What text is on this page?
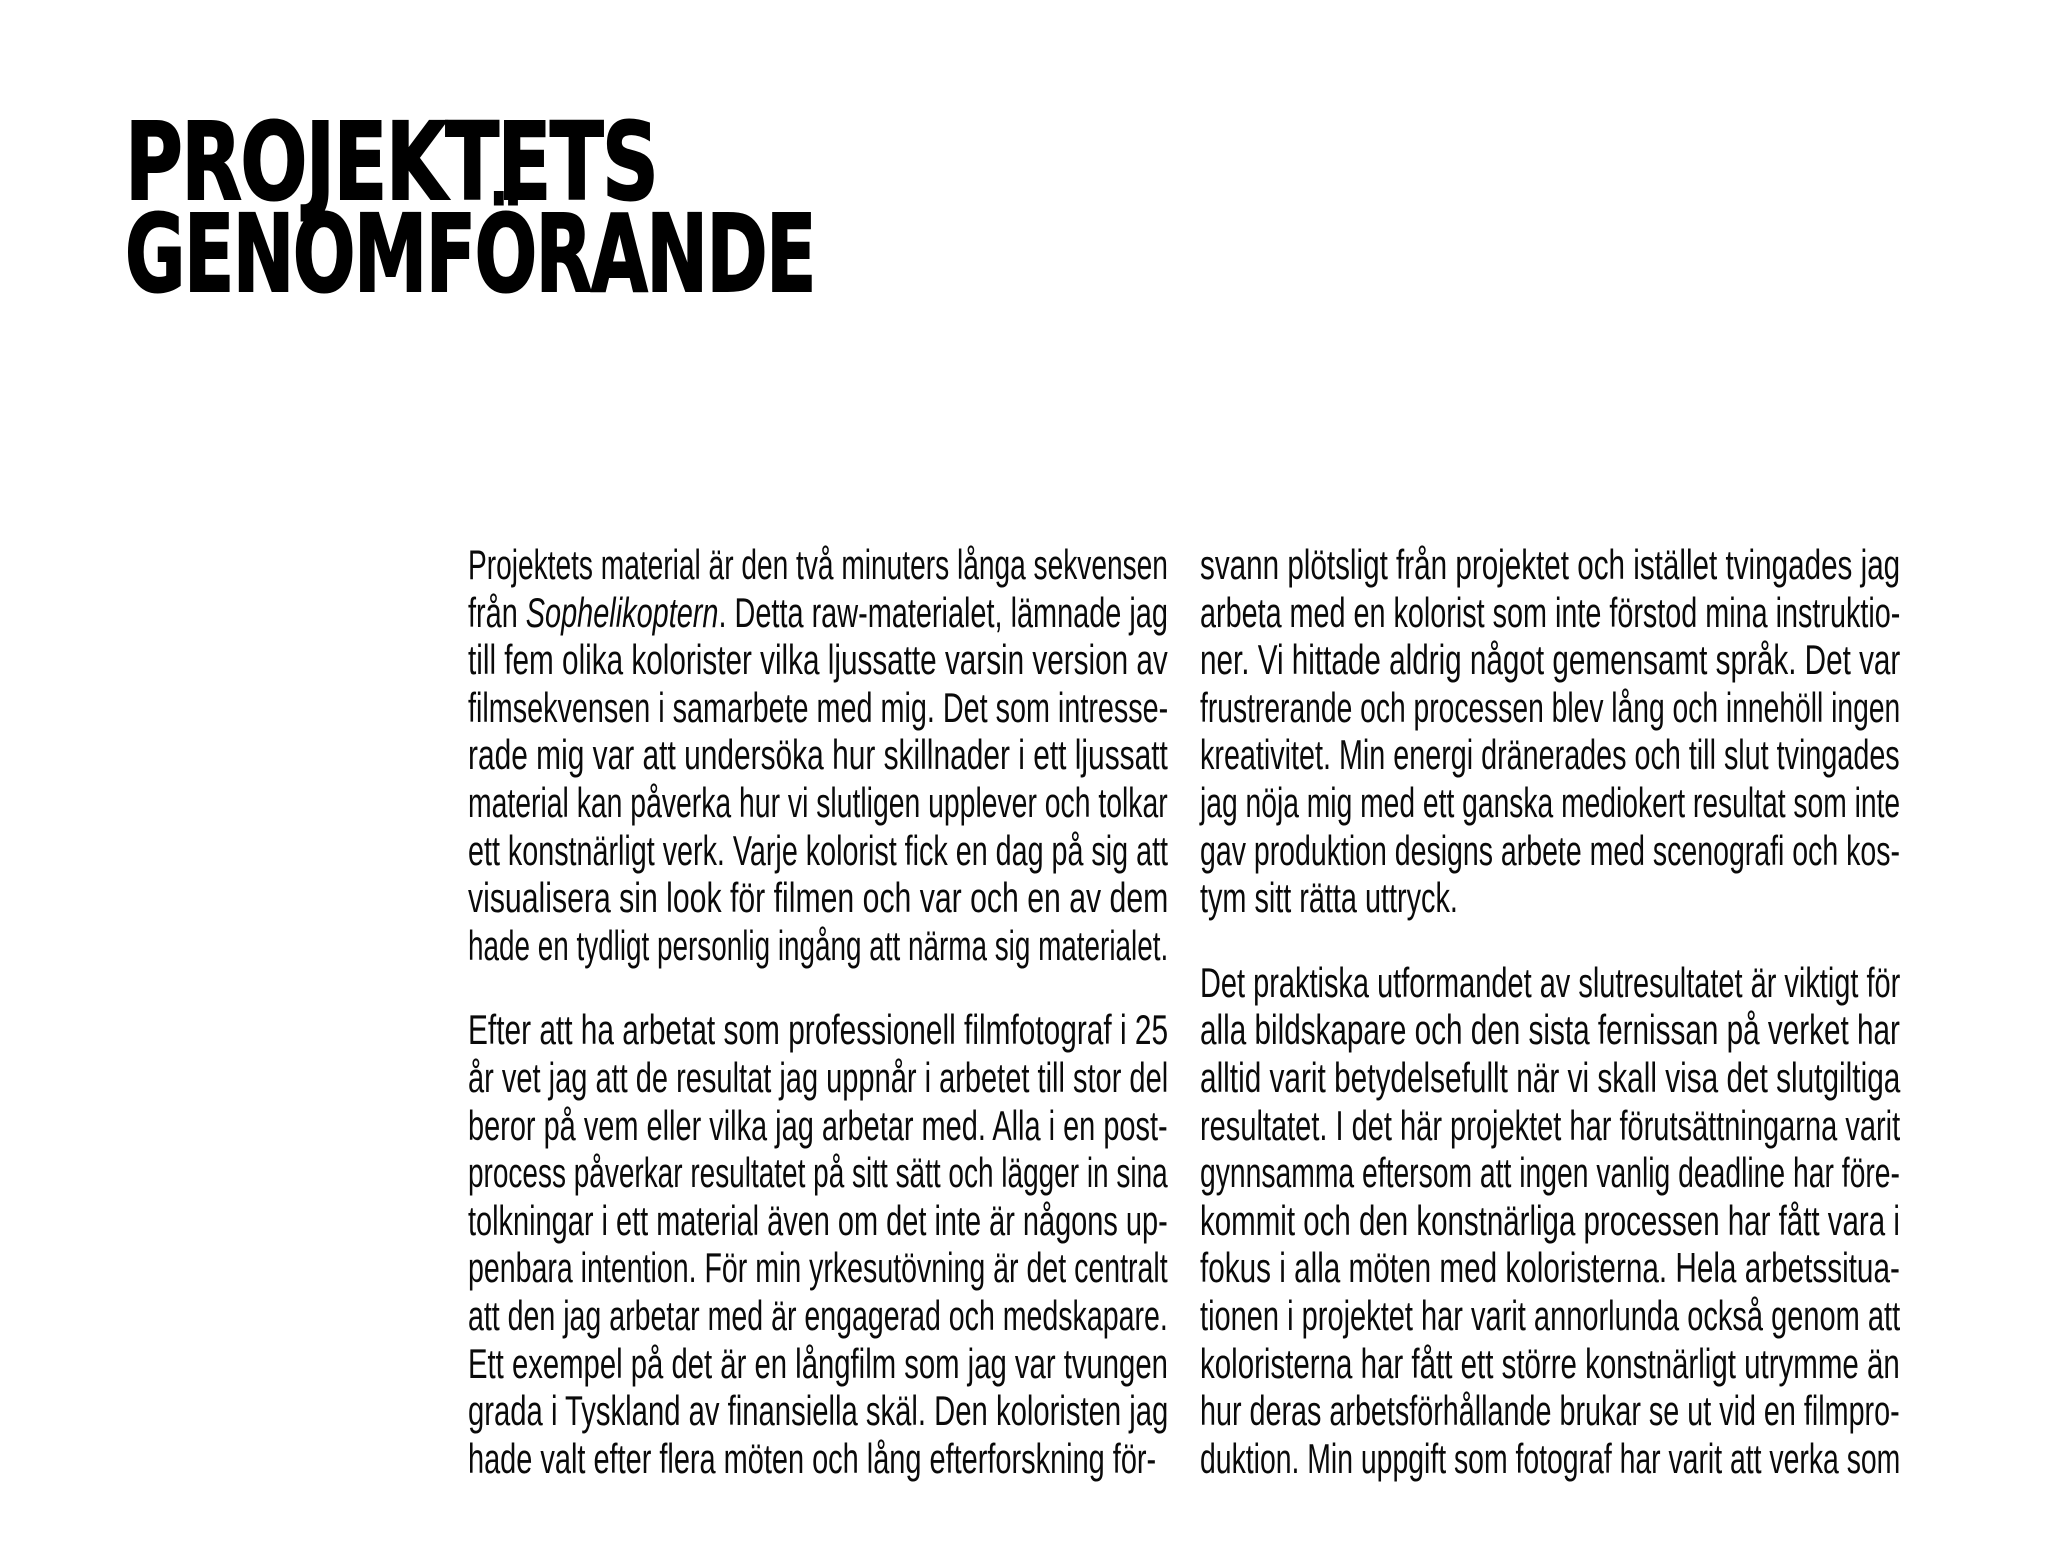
PROJEKTETS
GENOMFÖRANDE
Projektets material är den två minuters långa sekvensen
från Sophelikoptern. Detta raw-materialet, lämnade jag
till fem olika kolorister vilka ljussatte varsin version av
filmsekvensen i samarbete med mig. Det som intresse-
rade mig var att undersöka hur skillnader i ett ljussatt
material kan påverka hur vi slutligen upplever och tolkar
ett konstnärligt verk. Varje kolorist fick en dag på sig att
visualisera sin look för filmen och var och en av dem
hade en tydligt personlig ingång att närma sig materialet.
Efter att ha arbetat som professionell filmfotograf i 25
år vet jag att de resultat jag uppnår i arbetet till stor del
beror på vem eller vilka jag arbetar med. Alla i en post-
process påverkar resultatet på sitt sätt och lägger in sina
tolkningar i ett material även om det inte är någons up-
penbara intention. För min yrkesutövning är det centralt
att den jag arbetar med är engagerad och medskapare.
Ett exempel på det är en långfilm som jag var tvungen
grada i Tyskland av finansiella skäl. Den koloristen jag
hade valt efter flera möten och lång efterforskning för-
svann plötsligt från projektet och istället tvingades jag
arbeta med en kolorist som inte förstod mina instruktio-
ner. Vi hittade aldrig något gemensamt språk. Det var
frustrerande och processen blev lång och innehöll ingen
kreativitet. Min energi dränerades och till slut tvingades
jag nöja mig med ett ganska mediokert resultat som inte
gav produktion designs arbete med scenografi och kos-
tym sitt rätta uttryck.
Det praktiska utformandet av slutresultatet är viktigt för
alla bildskapare och den sista fernissan på verket har
alltid varit betydelsefullt när vi skall visa det slutgiltiga
resultatet. I det här projektet har förutsättningarna varit
gynnsamma eftersom att ingen vanlig deadline har före-
kommit och den konstnärliga processen har fått vara i
fokus i alla möten med koloristerna. Hela arbetssitua-
tionen i projektet har varit annorlunda också genom att
koloristerna har fått ett större konstnärligt utrymme än
hur deras arbetsförhållande brukar se ut vid en filmpro-
duktion. Min uppgift som fotograf har varit att verka som
